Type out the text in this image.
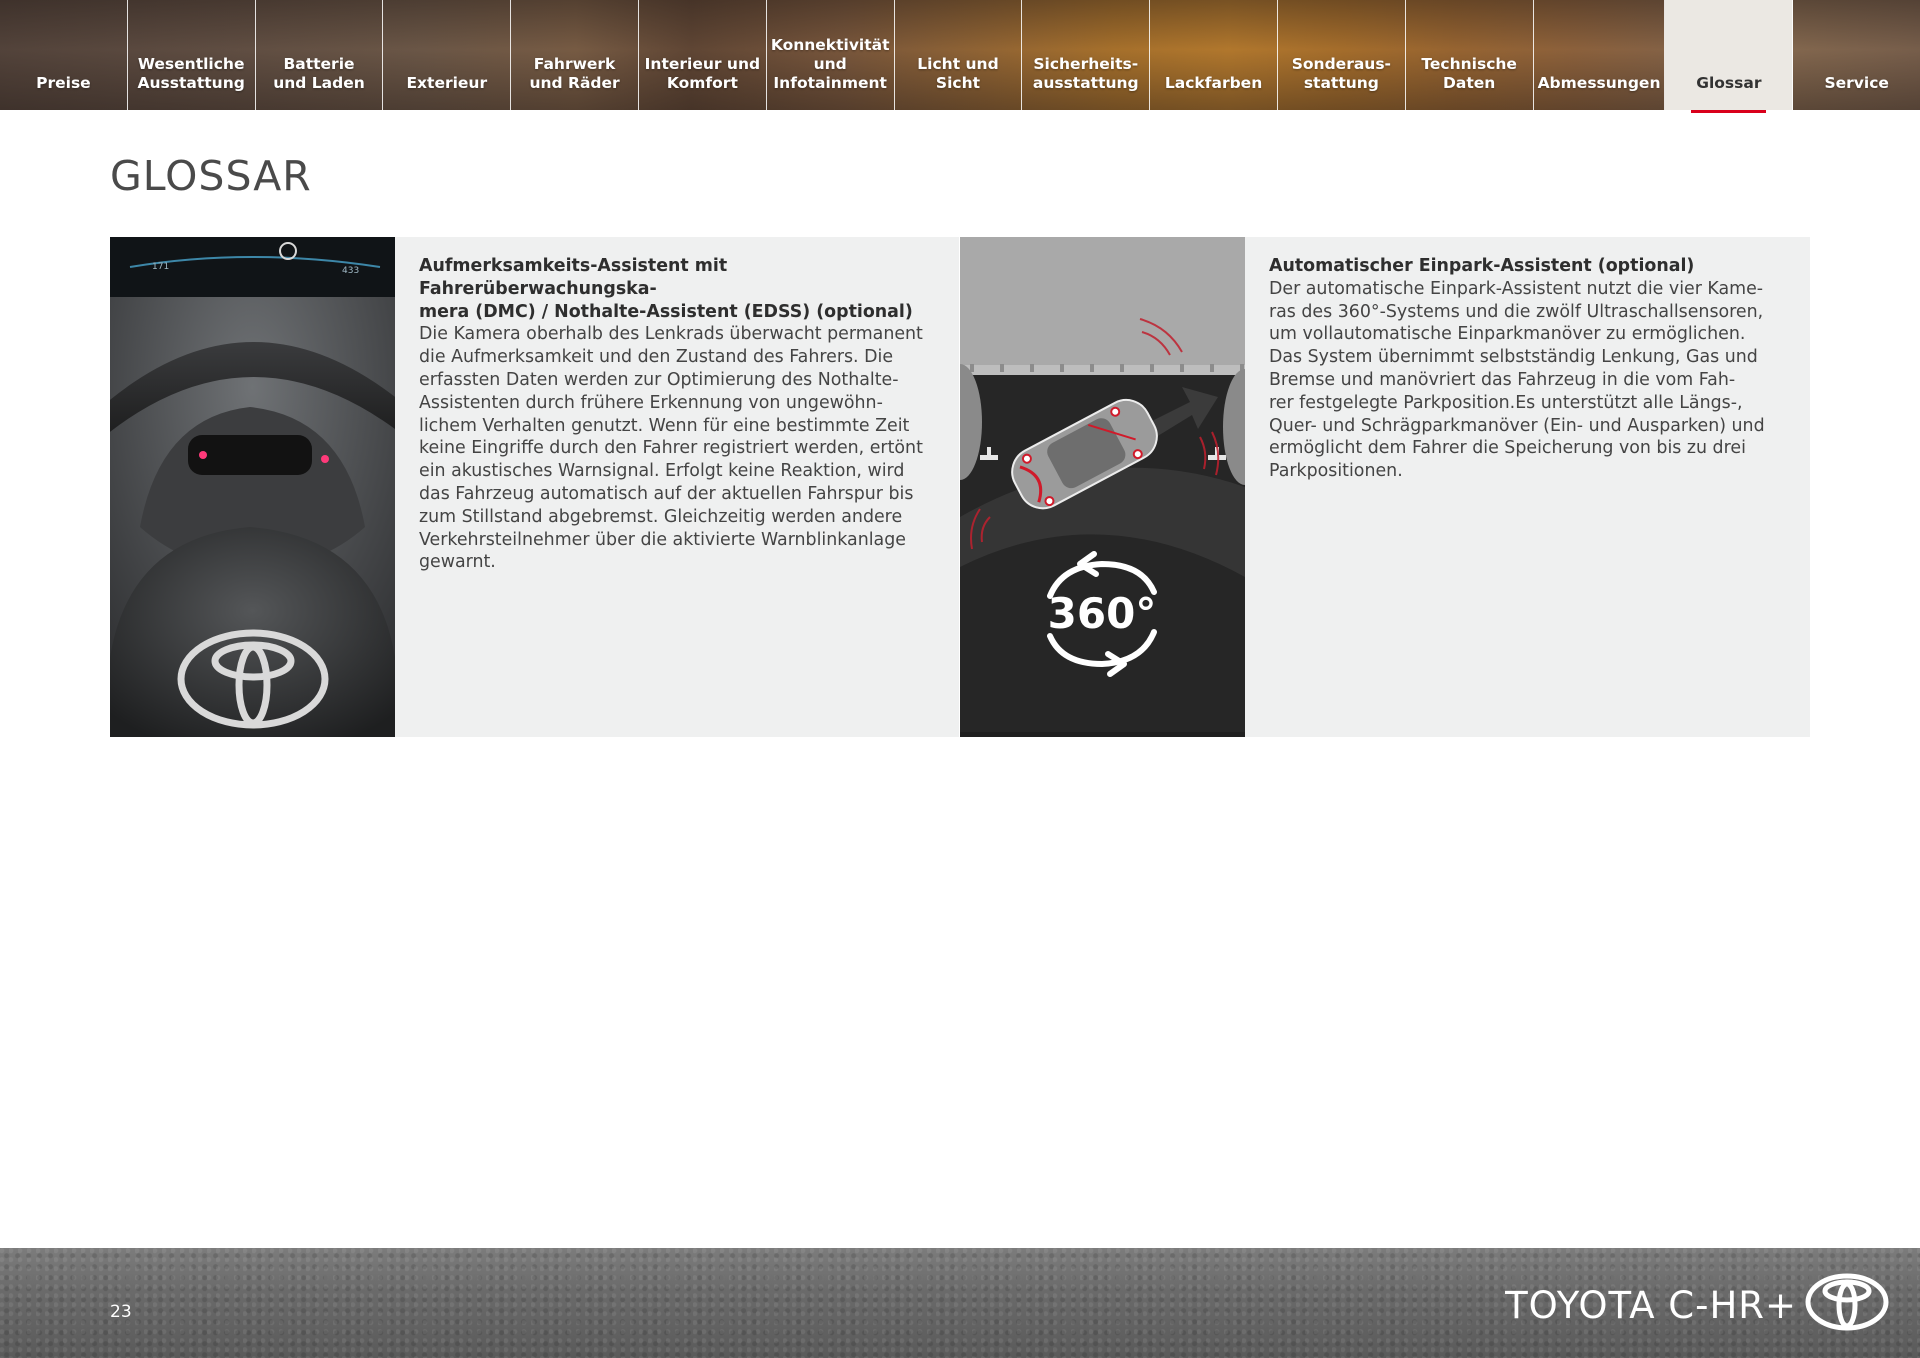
Preise
Wesentliche
Ausstattung
Batterie
und Laden	Exterieur
Fahrwerk
und Räder
Interieur und
Komfort
Konnektivität
und
Infotainment
Licht und Sicht
Sicherheits-
ausstattung	Lackfarben
Sonderaus-
stattung
Technische
Daten	Abmessungen	Glossar	Service
GLOSSAR
171	433	Aufmerksamkeits-Assistent mit Fahrerüberwachungska-
mera (DMC) / Nothalte-Assistent (EDSS) (optional)
Die Kamera oberhalb des Lenkrads überwacht permanent
die Aufmerksamkeit und den Zustand des Fahrers. Die
erfassten Daten werden zur Optimierung des Nothalte-
Assistenten durch frühere Erkennung von ungewöhn-
lichem Verhalten genutzt. Wenn für eine bestimmte Zeit
keine Eingriffe durch den Fahrer registriert werden, ertönt
ein akustisches Warnsignal. Erfolgt keine Reaktion, wird
das Fahrzeug automatisch auf der aktuellen Fahrspur bis
zum Stillstand abgebremst. Gleichzeitig werden andere
Verkehrsteilnehmer über die aktivierte Warnblinkanlage
gewarnt.
360°
Automatischer Einpark-Assistent (optional)
Der automatische Einpark-Assistent nutzt die vier Kame-
ras des 360°-Systems und die zwölf Ultraschallsensoren,
um vollautomatische Einparkmanöver zu ermöglichen.
Das System übernimmt selbstständig Lenkung, Gas und
Bremse und manövriert das Fahrzeug in die vom Fah-
rer festgelegte Parkposition.Es unterstützt alle Längs-,
Quer- und Schrägparkmanöver (Ein- und Ausparken) und
ermöglicht dem Fahrer die Speicherung von bis zu drei
Parkpositionen.
23	TOYOTA C-HR+
